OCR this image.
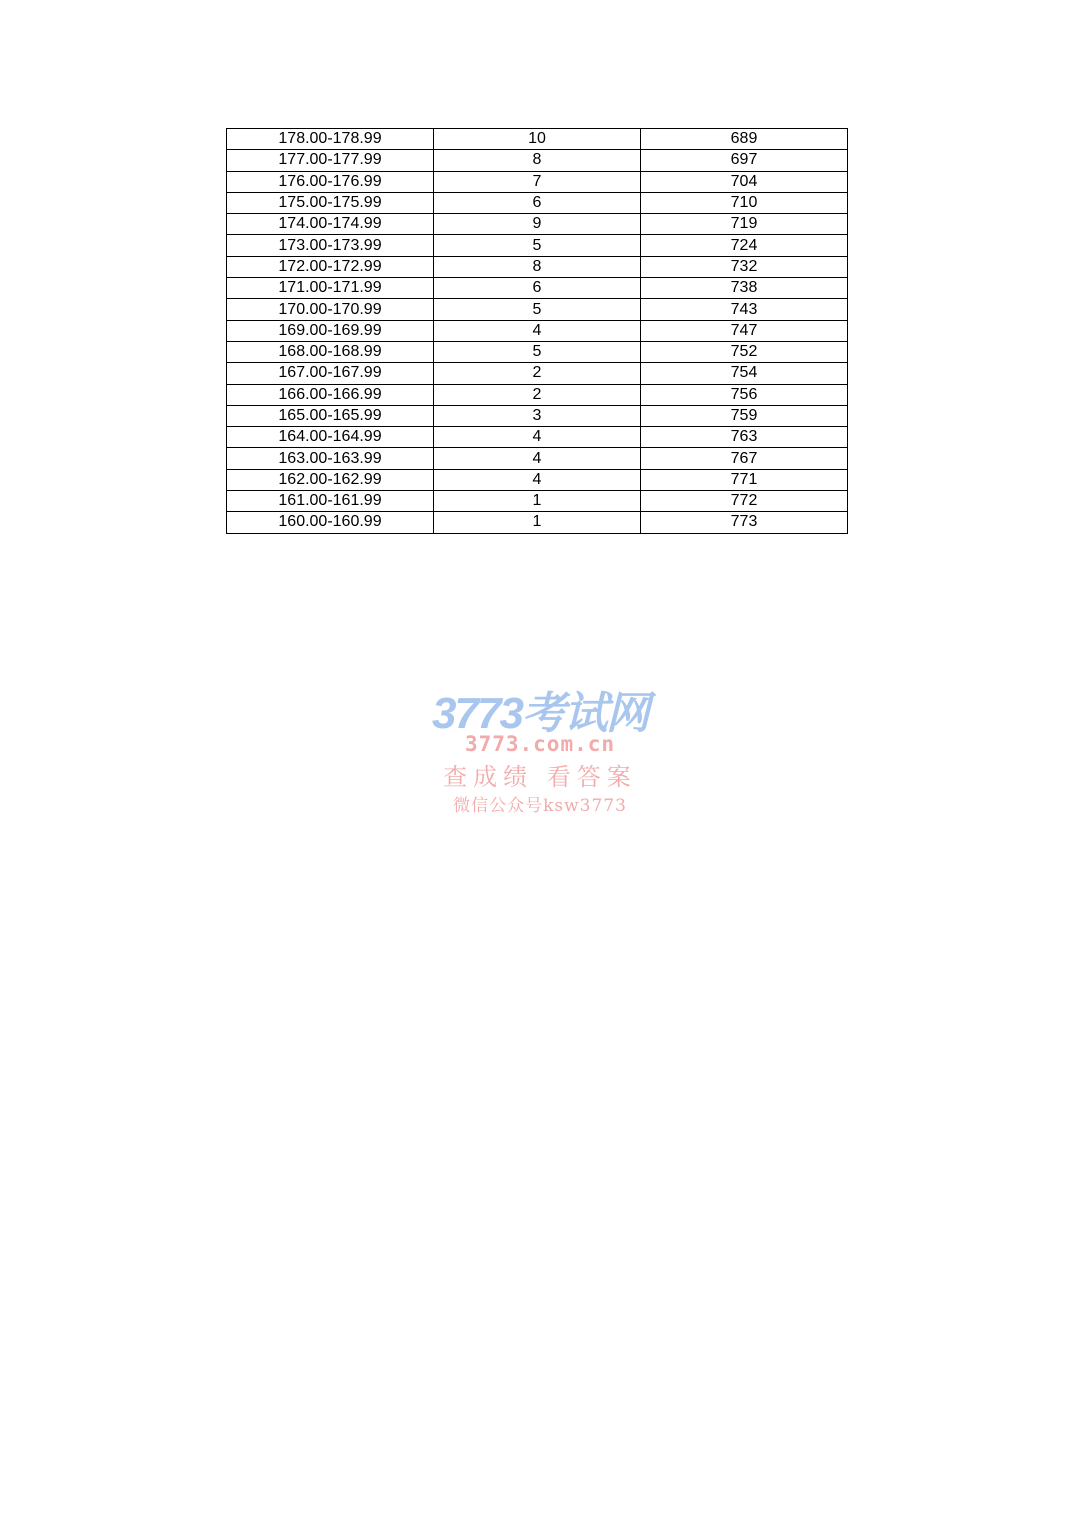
178.00-178.99	10	689
177.00-177.99	8	697
176.00-176.99	7	704
175.00-175.99	6	710
174.00-174.99	9	719
173.00-173.99	5	724
172.00-172.99	8	732
171.00-171.99	6	738
170.00-170.99	5	743
169.00-169.99	4	747
168.00-168.99	5	752
167.00-167.99	2	754
166.00-166.99	2	756
165.00-165.99	3	759
164.00-164.99	4	763
163.00-163.99	4	767
162.00-162.99	4	771
161.00-161.99	1	772
160.00-160.99	1	773
3773考试网
3773.com.cn
查成绩 看答案
微信公众号ksw3773
